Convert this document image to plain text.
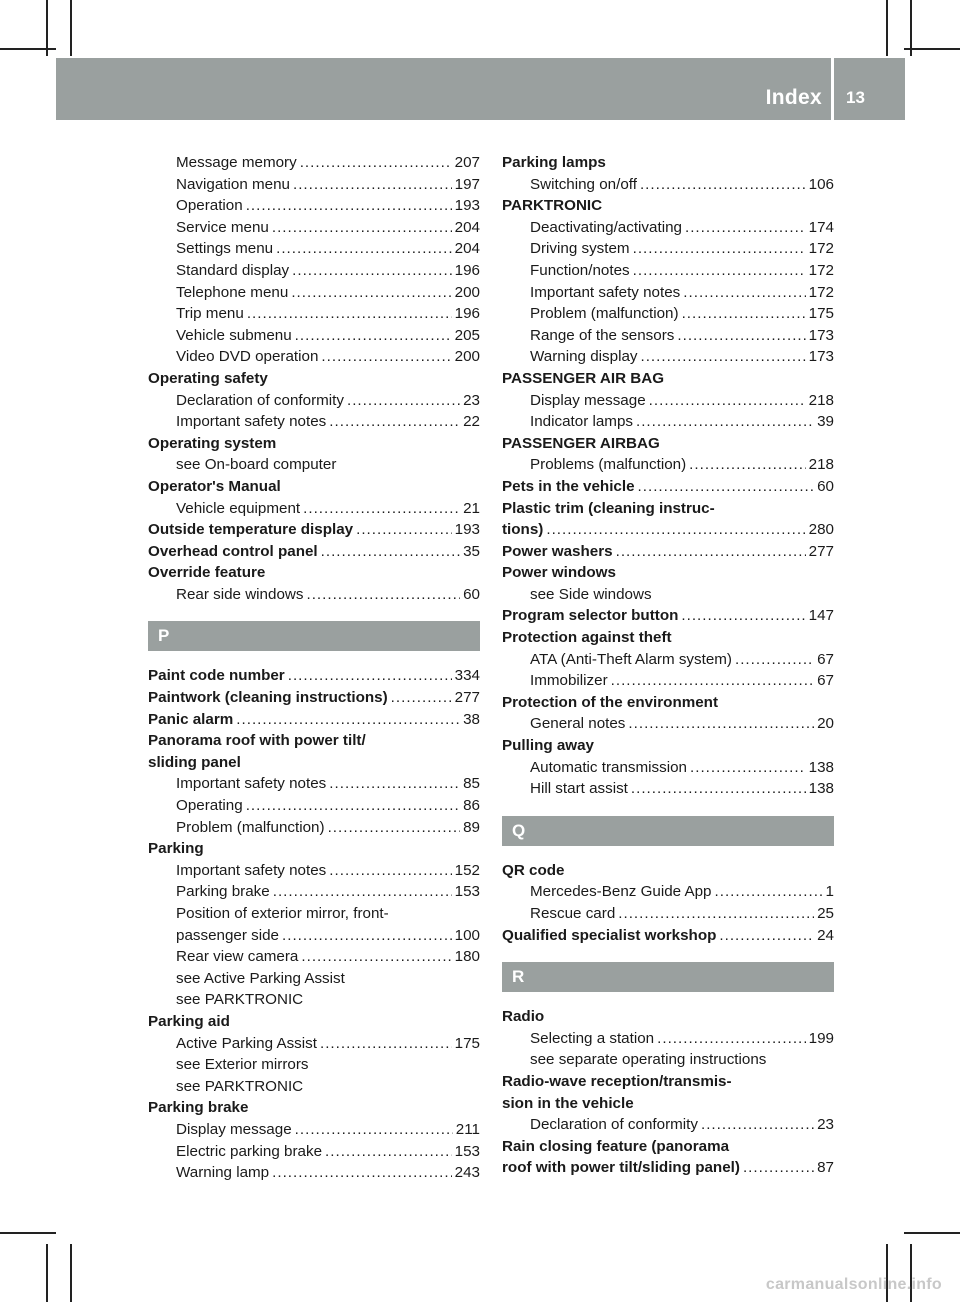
Index 13
Message memory .....	207
Navigation menu .....	197
Operation .....	193
Service menu .....	204
Settings menu .....	204
Standard display .....	196
Telephone menu .....	200
Trip menu .....	196
Vehicle submenu .....	205
Video DVD operation .....	200
Operating safety
Declaration of conformity .....	23
Important safety notes .....	22
Operating system
see On-board computer
Operator's Manual
Vehicle equipment .....	21
Outside temperature display .....	193
Overhead control panel .....	35
Override feature
Rear side windows .....	60
P
Paint code number .....	334
Paintwork (cleaning instructions) .....	277
Panic alarm .....	38
Panorama roof with power tilt/
sliding panel
Important safety notes .....	85
Operating .....	86
Problem (malfunction) .....	89
Parking
Important safety notes .....	152
Parking brake .....	153
Position of exterior mirror, front-
passenger side .....	100
Rear view camera .....	180
see Active Parking Assist
see PARKTRONIC
Parking aid
Active Parking Assist .....	175
see Exterior mirrors
see PARKTRONIC
Parking brake
Display message .....	211
Electric parking brake .....	153
Warning lamp .....	243
Parking lamps
Switching on/off .....	106
PARKTRONIC
Deactivating/activating .....	174
Driving system .....	172
Function/notes .....	172
Important safety notes .....	172
Problem (malfunction) .....	175
Range of the sensors .....	173
Warning display .....	173
PASSENGER AIR BAG
Display message .....	218
Indicator lamps .....	39
PASSENGER AIRBAG
Problems (malfunction) .....	218
Pets in the vehicle .....	60
Plastic trim (cleaning instruc-
tions) .....	280
Power washers .....	277
Power windows
see Side windows
Program selector button .....	147
Protection against theft
ATA (Anti-Theft Alarm system) .....	67
Immobilizer .....	67
Protection of the environment
General notes .....	20
Pulling away
Automatic transmission .....	138
Hill start assist .....	138
Q
QR code
Mercedes-Benz Guide App .....	1
Rescue card .....	25
Qualified specialist workshop .....	24
R
Radio
Selecting a station .....	199
see separate operating instructions
Radio-wave reception/transmis-
sion in the vehicle
Declaration of conformity .....	23
Rain closing feature (panorama
roof with power tilt/sliding panel) .....	87
carmanualsonline.info
